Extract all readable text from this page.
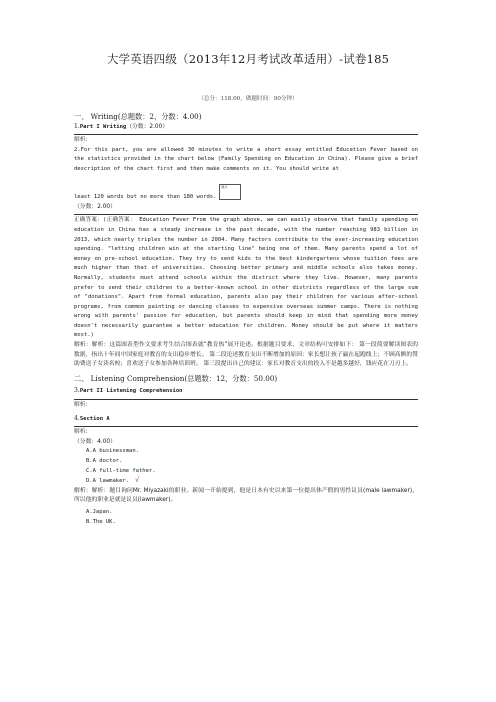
大学英语四级（2013年12月考试改革适用）-试卷185
（总分：118.00，做题时间：90分钟）
一、 Writing(总题数：2，分数：4.00)
1.Part I Writing（分数：2.00）
解析:
2.For this part, you are allowed 30 minutes to write a short essay entitled Education Fever based on the statistics provided in the chart below (Family Spending on Education in China). Please give a brief description of the chart first and then make comments on it. You should write at

least 120 words but no more than 180 words.
图片
（分数：2.00）
正确答案：(正确答案： Education Fever From the graph above, we can easily observe that family spending on education in China has a steady increase in the past decade, with the number reaching 983 billion in 2013, which nearly triples the number in 2004. Many factors contribute to the ever-increasing education spending. "letting children win at the starting line" being one of them. Many parents spend a lot of money on pre-school education. They try to send kids to the best kindergartens whose tuition fees are much higher than that of universities. Choosing better primary and middle schools also takes money. Normally, students must attend schools within the district where they live. However, many parents prefer to send their children to a better-known school in other districts regardless of the large sum of "donations". Apart from formal education, parents also pay their children for various after-school programs, from common painting or dancing classes to expensive overseas summer camps. There is nothing wrong with parents' passion for education, but parents should keep in mind that spending more money doesn't necessarily guarantee a better education for children. Money should be put where it matters most.)
解析：解析：这篇图表型作文要求考生结合图表就“教育热”展开论述。根据题目要求，文章结构可安排如下： 第一段简要解读图表的数据，指出十年间中国家庭对教育的支出稳步增长。 第二段论述教育支出不断增加的原因：家长想让孩子赢在起跑线上；不顾高额的赞助费送子女读名校；喜欢送子女参加各种培训班。 第三段提出自己的建议：家长对教育支出的投入不是越多越好，钱应花在刀刃上。
二、 Listening Comprehension(总题数：12，分数：50.00)
3.Part II Listening Comprehension
解析:
4.Section A
解析:
（分数：4.00）
A.A businessman.
B.A doctor.
C.A full-time father.
D.A lawmaker. √
解析：解析：题目询问Mr. Miyazaki的职业。新闻一开始提到，他是日本有史以来第一位提出休产假的男性议员(male lawmaker)，所以他的职业是就是议员(lawmaker)。
A.Japan.
B.The UK.
